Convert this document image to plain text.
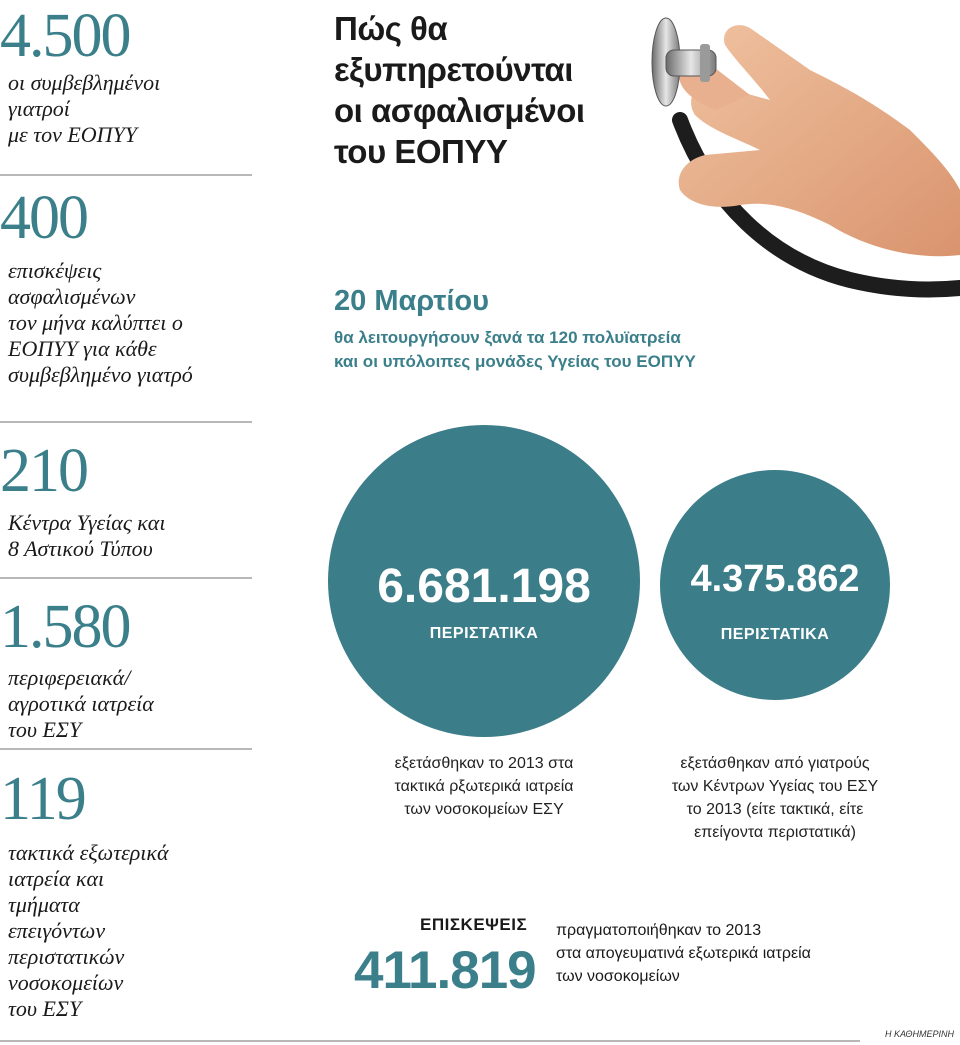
4.500
οι συμβεβλημένοι
γιατροί
με τον ΕΟΠΥΥ
400
επισκέψεις
ασφαλισμένων
τον μήνα καλύπτει ο
ΕΟΠΥΥ για κάθε
συμβεβλημένο γιατρό
210
Κέντρα Υγείας και
8 Αστικού Τύπου
1.580
περιφερειακά/
αγροτικά ιατρεία
του ΕΣΥ
119
τακτικά εξωτερικά
ιατρεία και
τμήματα
επειγόντων
περιστατικών
νοσοκομείων
του ΕΣΥ
Πώς θα
εξυπηρετούνται
οι ασφαλισμένοι
του ΕΟΠΥΥ
20 Μαρτίου
θα λειτουργήσουν ξανά τα 120 πολυϊατρεία
και οι υπόλοιπες μονάδες Υγείας του ΕΟΠΥΥ
6.681.198
ΠΕΡΙΣΤΑΤΙΚΑ
εξετάσθηκαν το 2013 στα
τακτικά ρξωτερικά ιατρεία
των νοσοκομείων ΕΣΥ
4.375.862
ΠΕΡΙΣΤΑΤΙΚΑ
εξετάσθηκαν από γιατρούς
των Κέντρων Υγείας του ΕΣΥ
το 2013 (είτε τακτικά, είτε
επείγοντα περιστατικά)
ΕΠΙΣΚΕΨΕΙΣ
411.819
πραγματοποιήθηκαν το 2013
στα απογευματινά εξωτερικά ιατρεία
των νοσοκομείων
Η ΚΑΘΗΜΕΡΙΝΗ
